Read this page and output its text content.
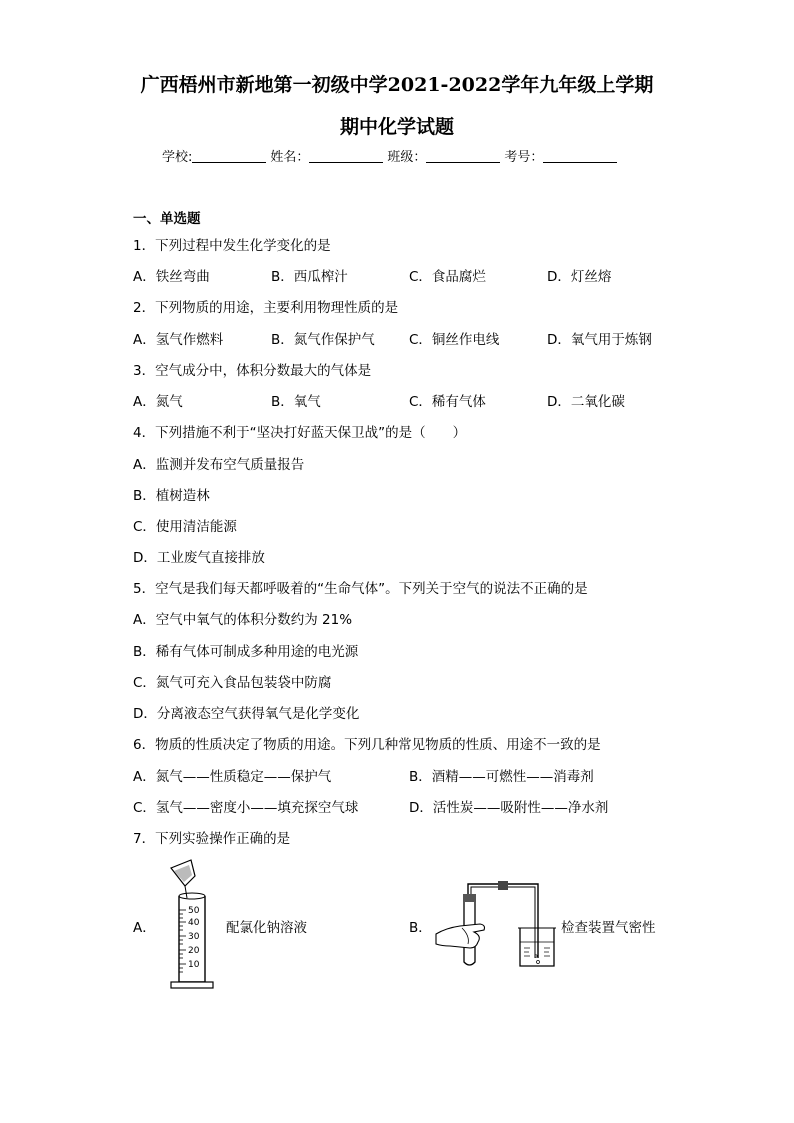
广西梧州市新地第一初级中学2021-2022学年九年级上学期
期中化学试题
学校:	姓名：	班级：	考号：
一、单选题
1．下列过程中发生化学变化的是
A．铁丝弯曲	B．西瓜榨汁	C．食品腐烂	D．灯丝熔
2．下列物质的用途，主要利用物理性质的是
A．氢气作燃料	B．氮气作保护气	C．铜丝作电线	D．氧气用于炼钢
3．空气成分中，体积分数最大的气体是
A．氮气	B．氧气	C．稀有气体	D．二氧化碳
4．下列措施不利于“坚决打好蓝天保卫战”的是（　　）
A．监测并发布空气质量报告
B．植树造林
C．使用清洁能源
D．工业废气直接排放
5．空气是我们每天都呼吸着的“生命气体”。下列关于空气的说法不正确的是
A．空气中氧气的体积分数约为 21%
B．稀有气体可制成多种用途的电光源
C．氮气可充入食品包装袋中防腐
D．分离液态空气获得氧气是化学变化
6．物质的性质决定了物质的用途。下列几种常见物质的性质、用途不一致的是
A．氮气——性质稳定——保护气	B．酒精——可燃性——消毒剂
C．氢气——密度小——填充探空气球	D．活性炭——吸附性——净水剂
7．下列实验操作正确的是
A．
50
40
30
20
10
配氯化钠溶液	B．	检查装置气密性
